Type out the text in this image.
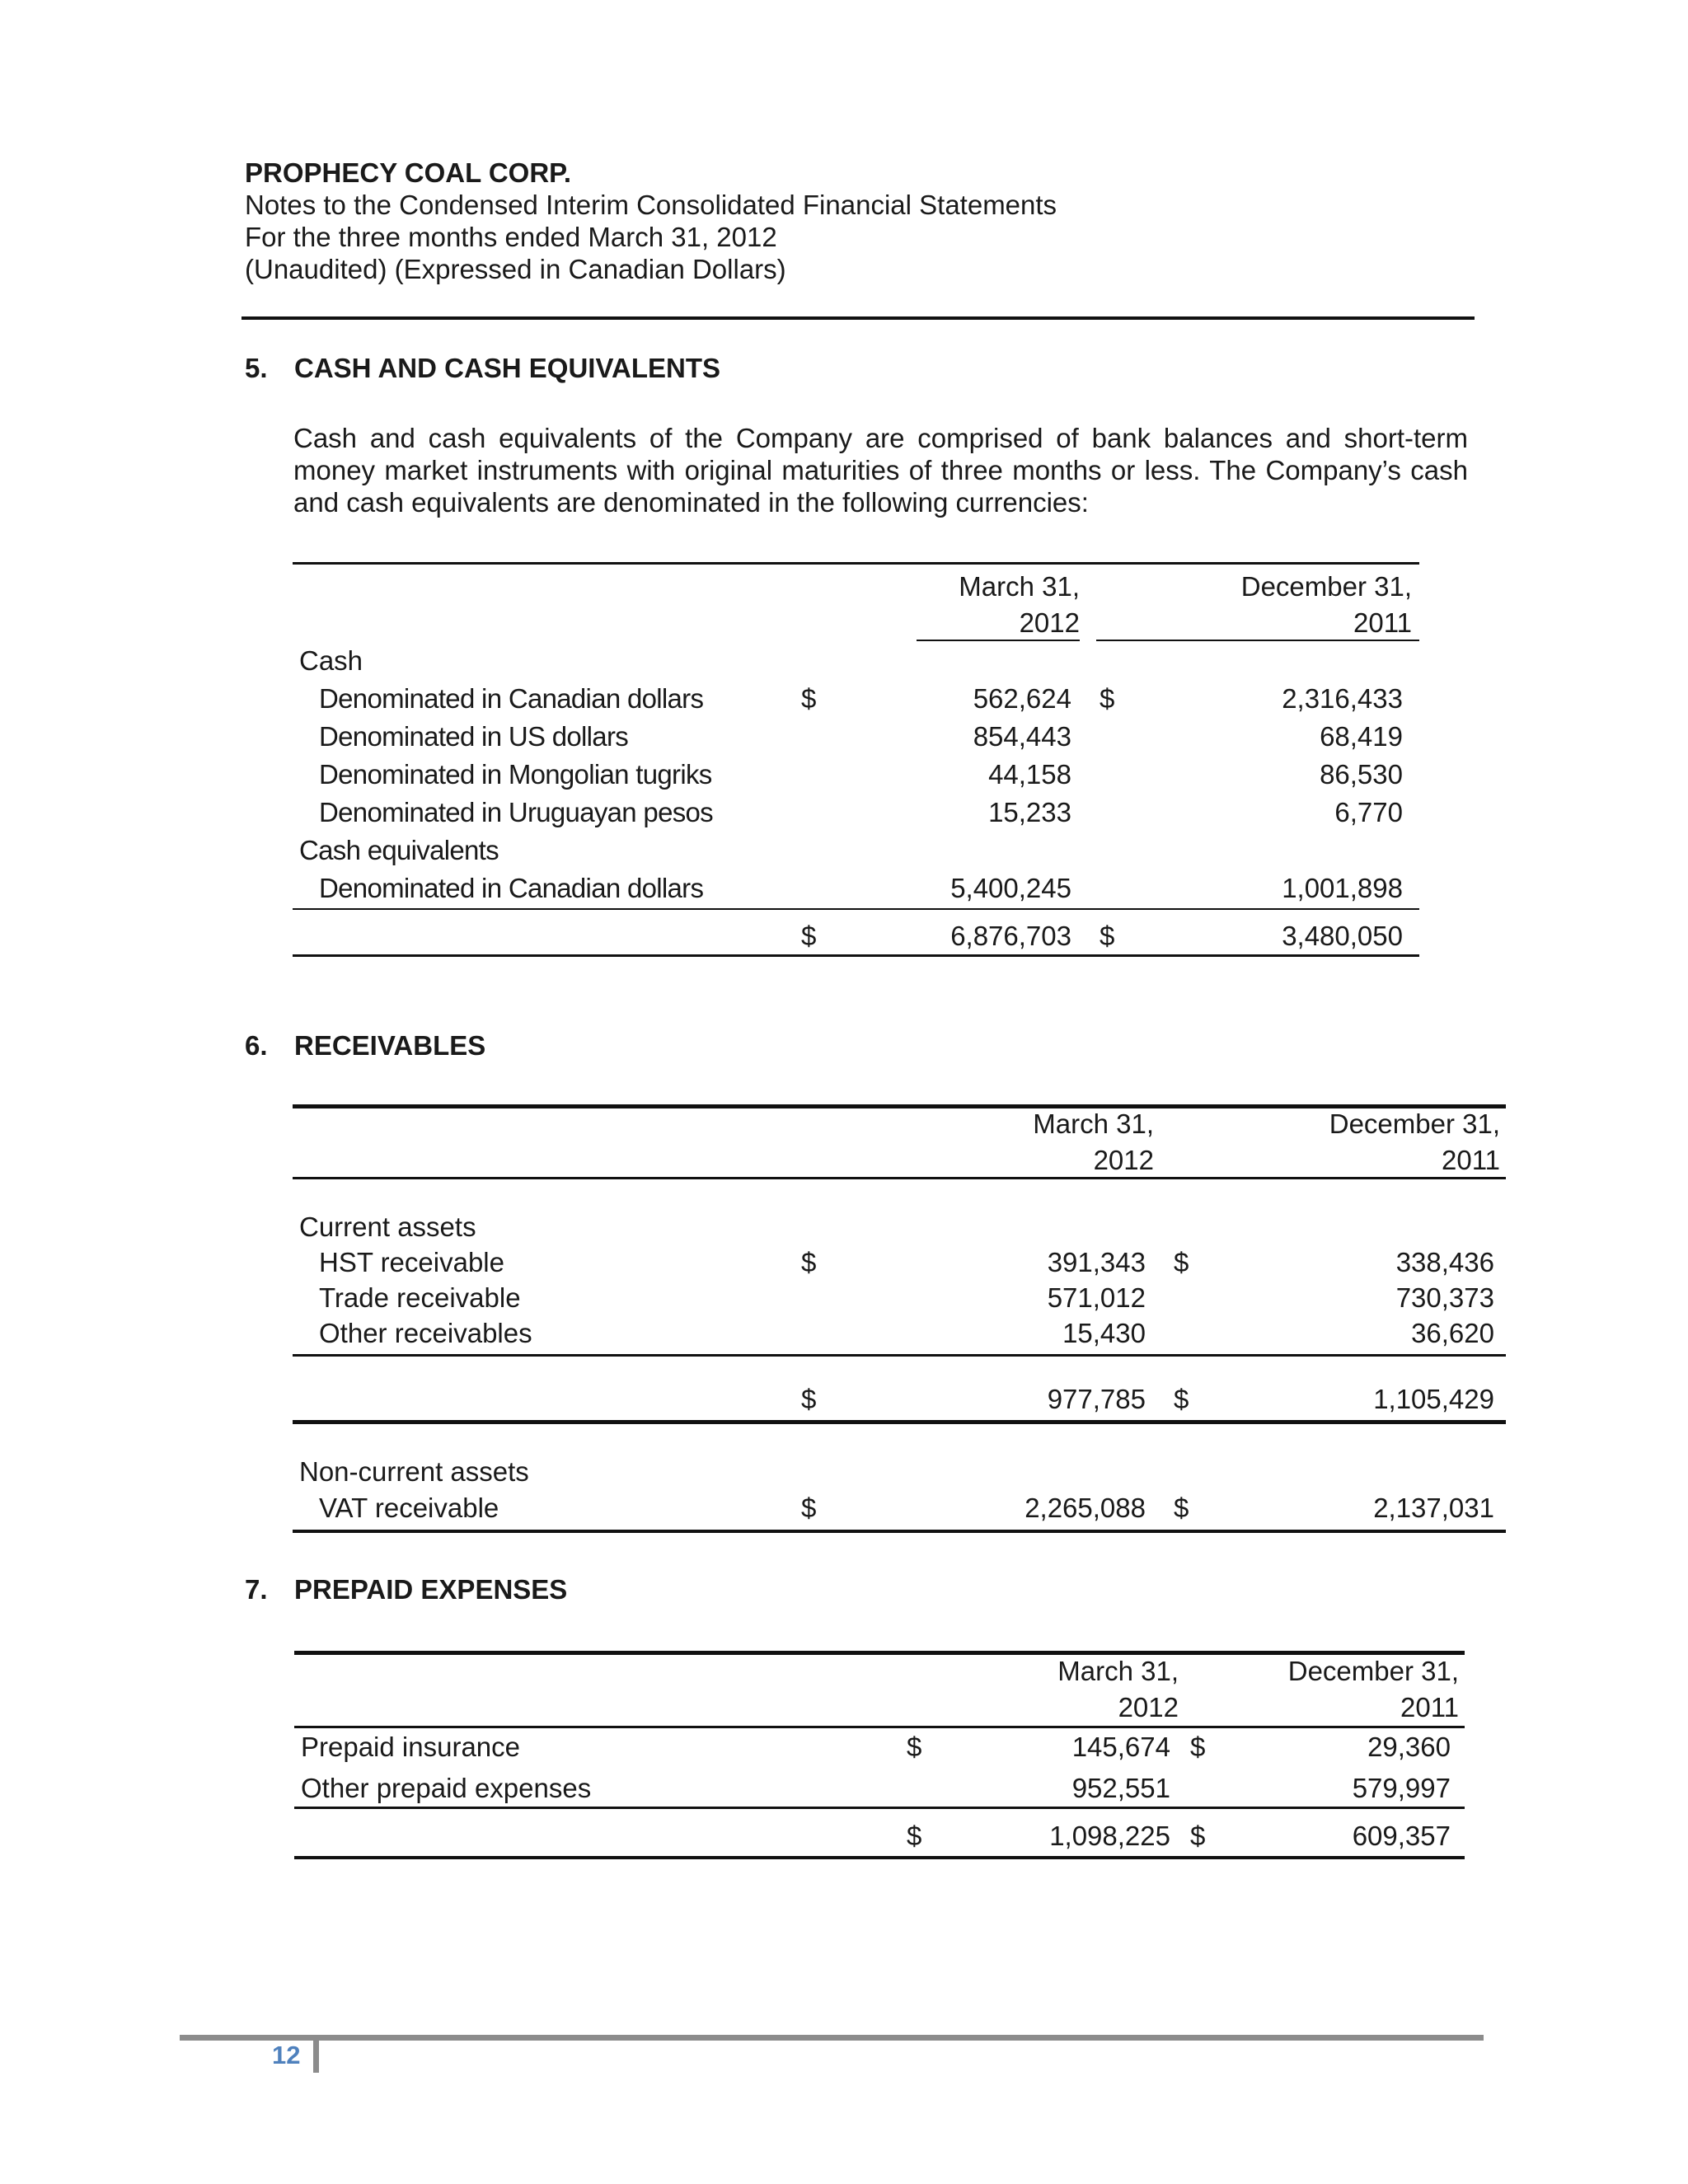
PROPHECY COAL CORP.
Notes to the Condensed Interim Consolidated Financial Statements
For the three months ended March 31, 2012
(Unaudited) (Expressed in Canadian Dollars)
5. CASH AND CASH EQUIVALENTS
Cash and cash equivalents of the Company are comprised of bank balances and short-term money market instruments with original maturities of three months or less. The Company’s cash and cash equivalents are denominated in the following currencies:
March 31,
2012
December 31,
2011
Cash
Denominated in Canadian dollars	$	562,624 $	2,316,433
Denominated in US dollars	854,443	68,419
Denominated in Mongolian tugriks	44,158	86,530
Denominated in Uruguayan pesos	15,233	6,770
Cash equivalents
Denominated in Canadian dollars	5,400,245	1,001,898
$	6,876,703 $	3,480,050
6. RECEIVABLES
March 31,
2012
December 31,
2011
Current assets
HST receivable	$	391,343 $	338,436
Trade receivable	571,012	730,373
Other receivables	15,430	36,620
$	977,785 $	1,105,429
Non-current assets
VAT receivable	$	2,265,088 $	2,137,031
7. PREPAID EXPENSES
March 31,
2012
December 31,
2011
Prepaid insurance	$	145,674 $	29,360
Other prepaid expenses	952,551	579,997
$	1,098,225 $	609,357
12
